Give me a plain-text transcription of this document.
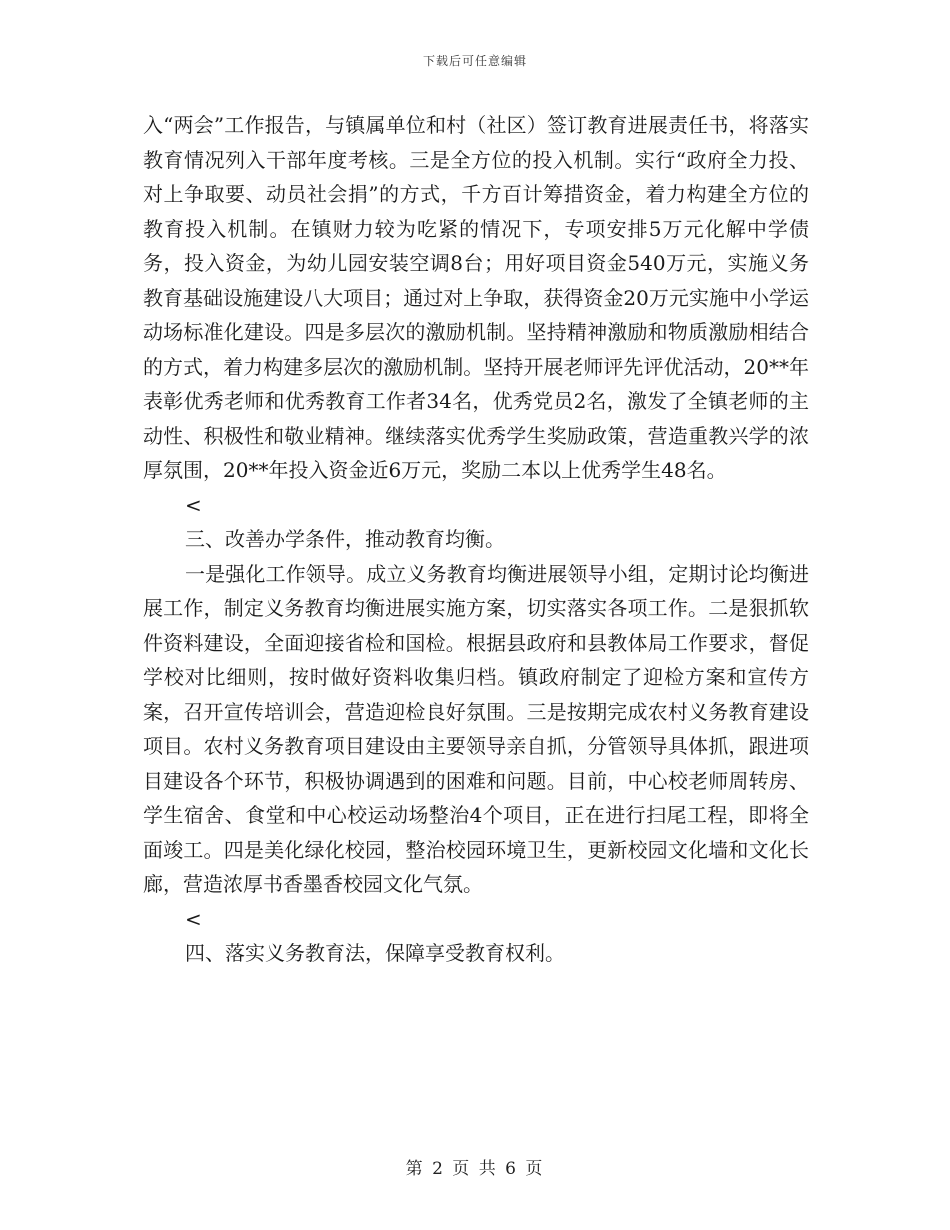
下载后可任意编辑

入“两会”工作报告，与镇属单位和村（社区）签订教育进展责任书，将落实教育情况列入干部年度考核。三是全方位的投入机制。实行“政府全力投、对上争取要、动员社会捐”的方式，千方百计筹措资金，着力构建全方位的教育投入机制。在镇财力较为吃紧的情况下，专项安排5万元化解中学债务，投入资金，为幼儿园安装空调8台；用好项目资金540万元，实施义务教育基础设施建设八大项目；通过对上争取，获得资金20万元实施中小学运动场标准化建设。四是多层次的激励机制。坚持精神激励和物质激励相结合的方式，着力构建多层次的激励机制。坚持开展老师评先评优活动，20**年表彰优秀老师和优秀教育工作者34名，优秀党员2名，激发了全镇老师的主动性、积极性和敬业精神。继续落实优秀学生奖励政策，营造重教兴学的浓厚氛围，20**年投入资金近6万元，奖励二本以上优秀学生48名。

<

三、改善办学条件，推动教育均衡。

一是强化工作领导。成立义务教育均衡进展领导小组，定期讨论均衡进展工作，制定义务教育均衡进展实施方案，切实落实各项工作。二是狠抓软件资料建设，全面迎接省检和国检。根据县政府和县教体局工作要求，督促学校对比细则，按时做好资料收集归档。镇政府制定了迎检方案和宣传方案，召开宣传培训会，营造迎检良好氛围。三是按期完成农村义务教育建设项目。农村义务教育项目建设由主要领导亲自抓，分管领导具体抓，跟进项目建设各个环节，积极协调遇到的困难和问题。目前，中心校老师周转房、学生宿舍、食堂和中心校运动场整治4个项目，正在进行扫尾工程，即将全面竣工。四是美化绿化校园，整治校园环境卫生，更新校园文化墙和文化长廊，营造浓厚书香墨香校园文化气氛。

<

四、落实义务教育法，保障享受教育权利。

第 2 页 共 6 页
